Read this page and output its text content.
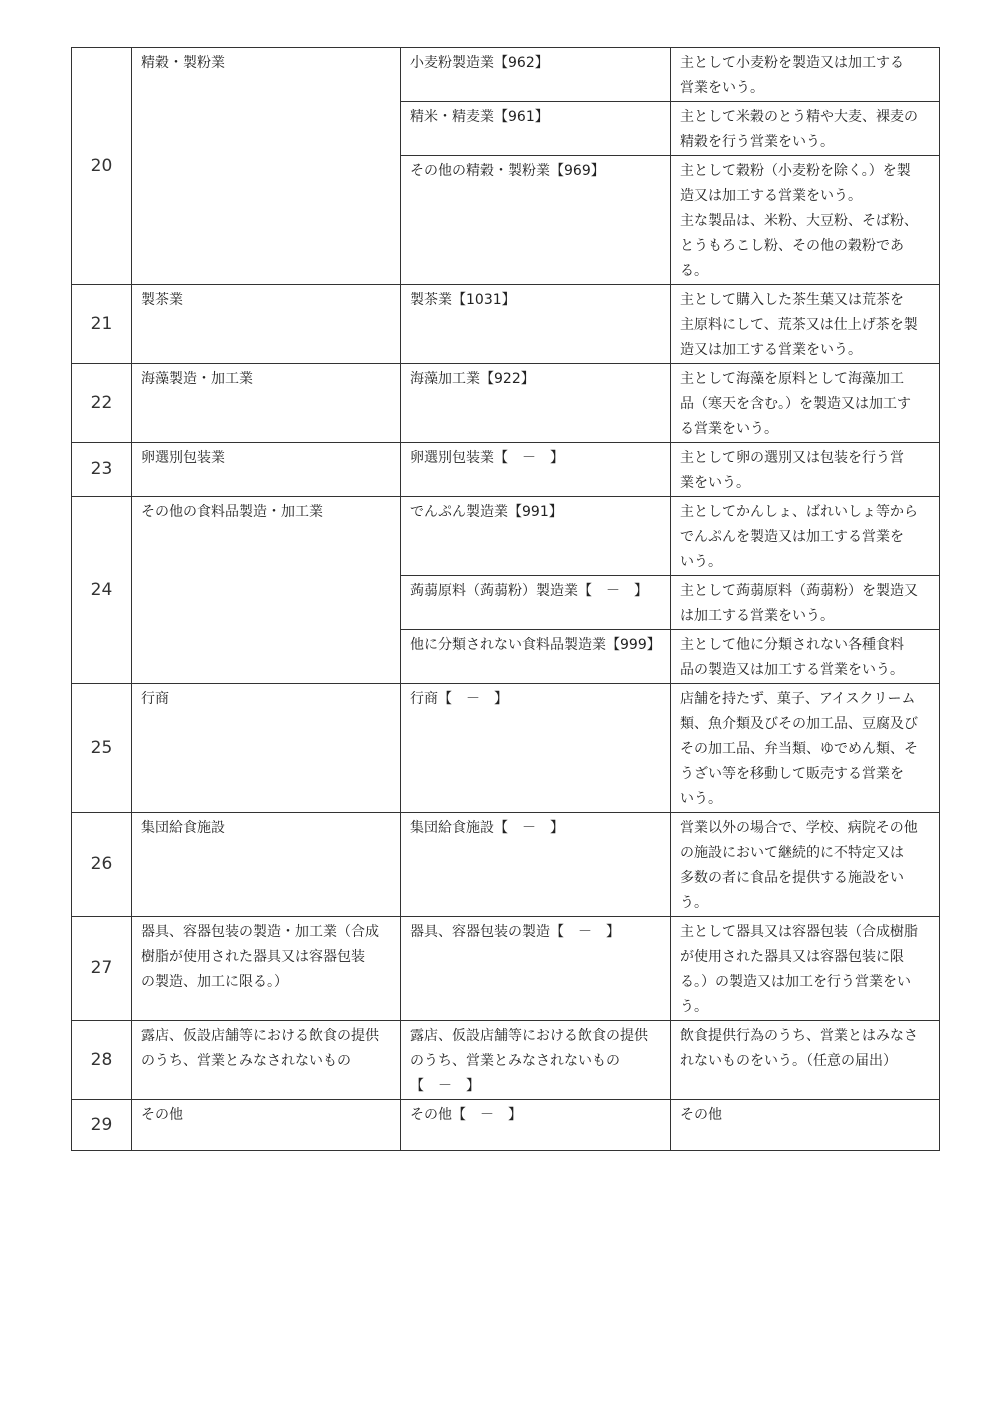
20	精穀・製粉業	小麦粉製造業【962】	主として小麦粉を製造又は加工する
営業をいう。

		精米・精麦業【961】	主として米穀のとう精や大麦、裸麦の
精穀を行う営業をいう。

		その他の精穀・製粉業【969】	主として穀粉（小麦粉を除く。）を製
造又は加工する営業をいう。
主な製品は、米粉、大豆粉、そば粉、
とうもろこし粉、その他の穀粉であ
る。

21	製茶業	製茶業【1031】	主として購入した茶生葉又は荒茶を
主原料にして、荒茶又は仕上げ茶を製
造又は加工する営業をいう。

22	海藻製造・加工業	海藻加工業【922】	主として海藻を原料として海藻加工
品（寒天を含む。）を製造又は加工す
る営業をいう。

23	卵選別包装業	卵選別包装業【　－　】	主として卵の選別又は包装を行う営
業をいう。

24	その他の食料品製造・加工業	でんぷん製造業【991】	主としてかんしょ、ばれいしょ等から
でんぷんを製造又は加工する営業を
いう。

		蒟蒻原料（蒟蒻粉）製造業【　－　】	主として蒟蒻原料（蒟蒻粉）を製造又
は加工する営業をいう。

		他に分類されない食料品製造業【999】	主として他に分類されない各種食料
品の製造又は加工する営業をいう。

25	行商	行商【　－　】	店舗を持たず、菓子、アイスクリーム
類、魚介類及びその加工品、豆腐及び
その加工品、弁当類、ゆでめん類、そ
うざい等を移動して販売する営業を
いう。

26	集団給食施設	集団給食施設【　－　】	営業以外の場合で、学校、病院その他
の施設において継続的に不特定又は
多数の者に食品を提供する施設をい
う。

27	器具、容器包装の製造・加工業（合成
樹脂が使用された器具又は容器包装
の製造、加工に限る。）	器具、容器包装の製造【　－　】	主として器具又は容器包装（合成樹脂
が使用された器具又は容器包装に限
る。）の製造又は加工を行う営業をい
う。

28	露店、仮設店舗等における飲食の提供
のうち、営業とみなされないもの	露店、仮設店舗等における飲食の提供
のうち、営業とみなされないもの
【　－　】	飲食提供行為のうち、営業とはみなさ
れないものをいう。（任意の届出）

29	その他	その他【　－　】	その他
